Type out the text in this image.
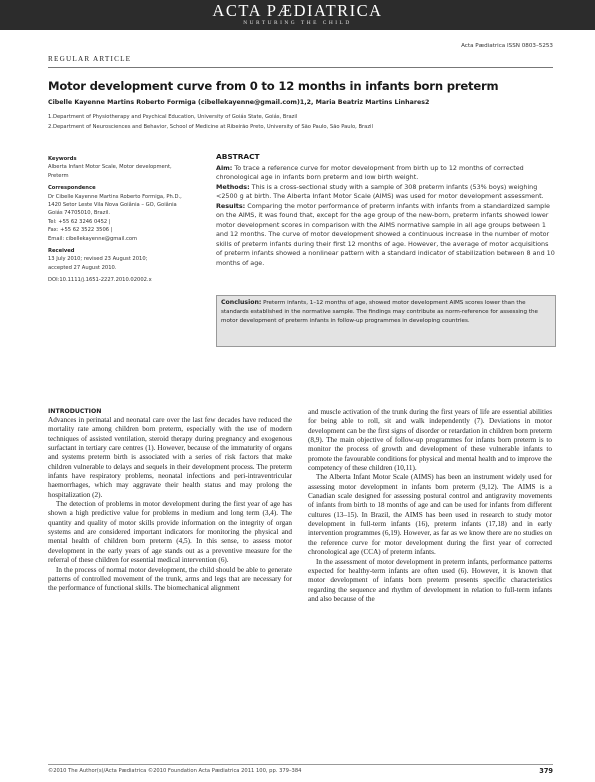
ACTA PÆDIATRICA
NURTURING THE CHILD
Acta Pædiatrica ISSN 0803–5253
REGULAR ARTICLE
Motor development curve from 0 to 12 months in infants born preterm
Cibelle Kayenne Martins Roberto Formiga (cibellekayenne@gmail.com)1,2, Maria Beatriz Martins Linhares2
1.Department of Physiotherapy and Psychical Education, University of Goiás State, Goiás, Brazil
2.Department of Neurosciences and Behavior, School of Medicine at Ribeirão Preto, University of São Paulo, São Paulo, Brazil
Keywords
Alberta Infant Motor Scale, Motor development,
Preterm
Correspondence
Dr Cibelle Kayenne Martins Roberto Formiga, Ph.D.,
1420 Setor Leste Vila Nova Goiânia – GO, Goiânia
Goiás 74705010, Brazil.
Tel: +55 62 3246 0452 |
Fax: +55 62 3522 3506 |
Email: cibellekayenne@gmail.com
Received
13 July 2010; revised 23 August 2010;
accepted 27 August 2010.
DOI:10.1111/j.1651-2227.2010.02002.x
ABSTRACT

Aim: To trace a reference curve for motor development from birth up to 12 months of corrected chronological age in infants born preterm and low birth weight.

Methods: This is a cross-sectional study with a sample of 308 preterm infants (53% boys) weighing <2500 g at birth. The Alberta Infant Motor Scale (AIMS) was used for motor development assessment.

Results: Comparing the motor performance of preterm infants with infants from a standardized sample on the AIMS, it was found that, except for the age group of the new-born, preterm infants showed lower motor development scores in comparison with the AIMS normative sample in all age groups between 1 and 12 months. The curve of motor development showed a continuous increase in the number of motor skills of preterm infants during their first 12 months of age. However, the average of motor acquisitions of preterm infants showed a nonlinear pattern with a standard indicator of stabilization between 8 and 10 months of age.

Conclusion: Preterm infants, 1–12 months of age, showed motor development AIMS scores lower than the standards established in the normative sample. The findings may contribute as norm-reference for assessing the motor development of preterm infants in follow-up programmes in developing countries.

INTRODUCTION

Advances in perinatal and neonatal care over the last few decades have reduced the mortality rate among children born preterm, especially with the use of modern techniques of assisted ventilation, steroid therapy during pregnancy and exogenous surfactant in tertiary care centres (1). However, because of the immaturity of organs and systems preterm birth is associated with a series of risk factors that make children vulnerable to delays and sequels in their development process. The preterm infants have respiratory problems, neonatal infections and peri-intraventricular haemorrhages, which may aggravate their health status and may prolong the hospitalization (2).

The detection of problems in motor development during the first year of age has shown a high predictive value for problems in medium and long term (3,4). The quantity and quality of motor skills provide information on the integrity of organ systems and are considered important indicators for monitoring the physical and mental health of children born preterm (4,5). In this sense, to assess motor development in the early years of age stands out as a preventive measure for the referral of these children for essential medical intervention (6).

In the process of normal motor development, the child should be able to generate patterns of controlled movement of the trunk, arms and legs that are necessary for the performance of functional skills. The biomechanical alignment

and muscle activation of the trunk during the first years of life are essential abilities for being able to roll, sit and walk independently (7). Deviations in motor development can be the first signs of disorder or retardation in children born preterm (8,9). The main objective of follow-up programmes for infants born preterm is to monitor the process of growth and development of these vulnerable infants to promote the favourable conditions for physical and mental health and to improve the competency of these children (10,11).

The Alberta Infant Motor Scale (AIMS) has been an instrument widely used for assessing motor development in infants born preterm (9,12). The AIMS is a Canadian scale designed for assessing postural control and antigravity movements of infants from birth to 18 months of age and can be used for infants from different cultures (13–15). In Brazil, the AIMS has been used in research to study motor development in full-term infants (16), preterm infants (17,18) and in early intervention programmes (6,19). However, as far as we know there are no studies on the reference curve for motor development during the first year of corrected chronological age (CCA) of preterm infants.

In the assessment of motor development in preterm infants, performance patterns expected for healthy-term infants are often used (6). However, it is known that motor development of infants born preterm presents specific characteristics regarding the sequence and rhythm of development in relation to full-term infants and also because of the

©2010 The Author(s)/Acta Pædiatrica ©2010 Foundation Acta Pædiatrica 2011 100, pp. 379–384	379
